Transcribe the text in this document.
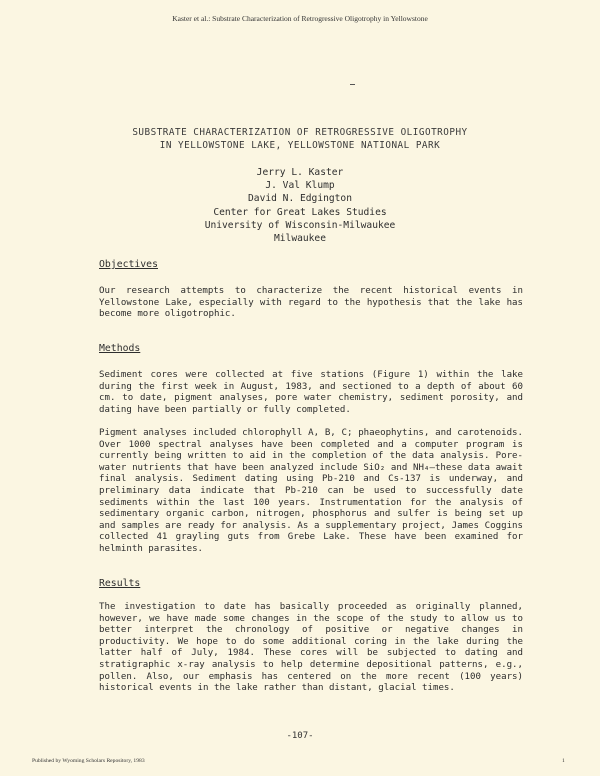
Kaster et al.: Substrate Characterization of Retrogressive Oligotrophy in Yellowstone
SUBSTRATE CHARACTERIZATION OF RETROGRESSIVE OLIGOTROPHY
IN YELLOWSTONE LAKE, YELLOWSTONE NATIONAL PARK
Jerry L. Kaster
J. Val Klump
David N. Edgington
Center for Great Lakes Studies
University of Wisconsin-Milwaukee
Milwaukee
Objectives

Our research attempts to characterize the recent historical events in Yellowstone Lake, especially with regard to the hypothesis that the lake has become more oligotrophic.

Methods

Sediment cores were collected at five stations (Figure 1) within the lake during the first week in August, 1983, and sectioned to a depth of about 60 cm. to date, pigment analyses, pore water chemistry, sediment porosity, and dating have been partially or fully completed.

Pigment analyses included chlorophyll A, B, C; phaeophytins, and carotenoids. Over 1000 spectral analyses have been completed and a computer program is currently being written to aid in the completion of the data analysis. Pore-water nutrients that have been analyzed include SiO₂ and NH₄—these data await final analysis. Sediment dating using Pb-210 and Cs-137 is underway, and preliminary data indicate that Pb-210 can be used to successfully date sediments within the last 100 years. Instrumentation for the analysis of sedimentary organic carbon, nitrogen, phosphorus and sulfer is being set up and samples are ready for analysis. As a supplementary project, James Coggins collected 41 grayling guts from Grebe Lake. These have been examined for helminth parasites.

Results

The investigation to date has basically proceeded as originally planned, however, we have made some changes in the scope of the study to allow us to better interpret the chronology of positive or negative changes in productivity. We hope to do some additional coring in the lake during the latter half of July, 1984. These cores will be subjected to dating and stratigraphic x-ray analysis to help determine depositional patterns, e.g., pollen. Also, our emphasis has centered on the more recent (100 years) historical events in the lake rather than distant, glacial times.

-107-
Published by Wyoming Scholars Repository, 1983	1
